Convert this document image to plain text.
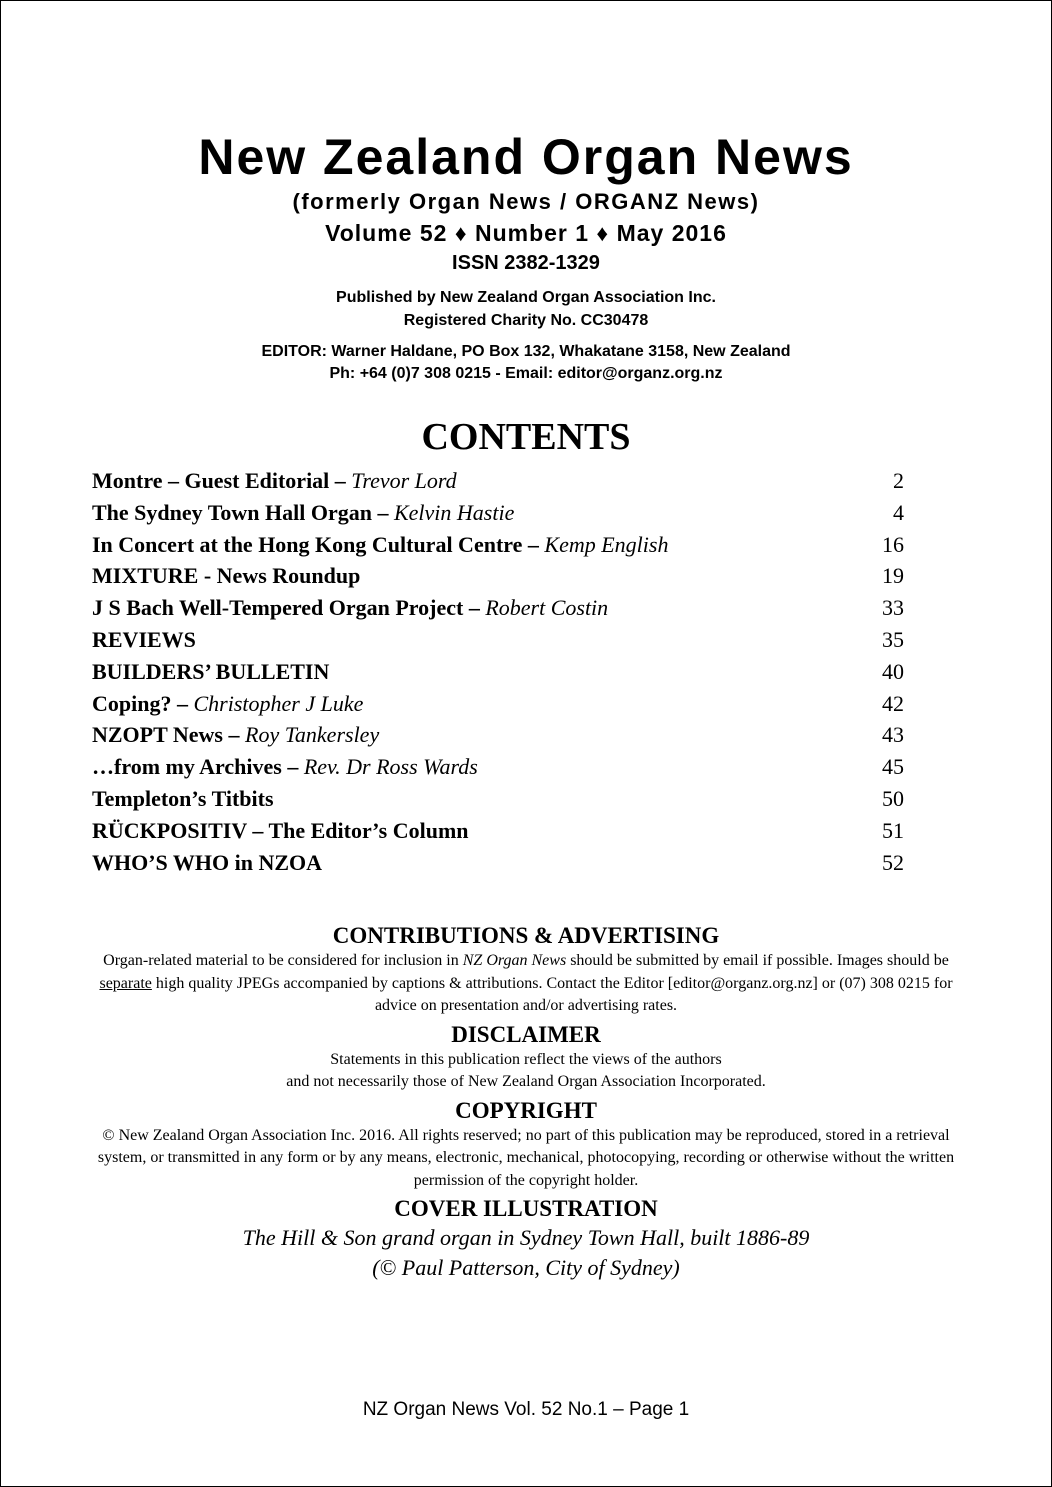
New Zealand Organ News
(formerly Organ News / ORGANZ News)
Volume 52 ♦ Number 1 ♦ May 2016
ISSN 2382-1329
Published by New Zealand Organ Association Inc.
Registered Charity No. CC30478
EDITOR: Warner Haldane, PO Box 132, Whakatane 3158, New Zealand
Ph: +64 (0)7 308 0215 - Email: editor@organz.org.nz
CONTENTS
Montre – Guest Editorial – Trevor Lord	2
The Sydney Town Hall Organ – Kelvin Hastie	4
In Concert at the Hong Kong Cultural Centre – Kemp English	16
MIXTURE - News Roundup	19
J S Bach Well-Tempered Organ Project – Robert Costin	33
REVIEWS	35
BUILDERS’ BULLETIN	40
Coping? – Christopher J Luke	42
NZOPT News – Roy Tankersley	43
…from my Archives – Rev. Dr Ross Wards	45
Templeton’s Titbits	50
RÜCKPOSITIV – The Editor’s Column	51
WHO’S WHO in NZOA	52
CONTRIBUTIONS & ADVERTISING

Organ-related material to be considered for inclusion in NZ Organ News should be submitted by email if possible. Images should be separate high quality JPEGs accompanied by captions & attributions. Contact the Editor [editor@organz.org.nz] or (07) 308 0215 for advice on presentation and/or advertising rates.

DISCLAIMER

Statements in this publication reflect the views of the authors

and not necessarily those of New Zealand Organ Association Incorporated.

COPYRIGHT

© New Zealand Organ Association Inc. 2016. All rights reserved; no part of this publication may be reproduced, stored in a retrieval system, or transmitted in any form or by any means, electronic, mechanical, photocopying, recording or otherwise without the written permission of the copyright holder.

COVER ILLUSTRATION
The Hill & Son grand organ in Sydney Town Hall, built 1886-89
(© Paul Patterson, City of Sydney)
NZ Organ News Vol. 52 No.1 – Page 1
